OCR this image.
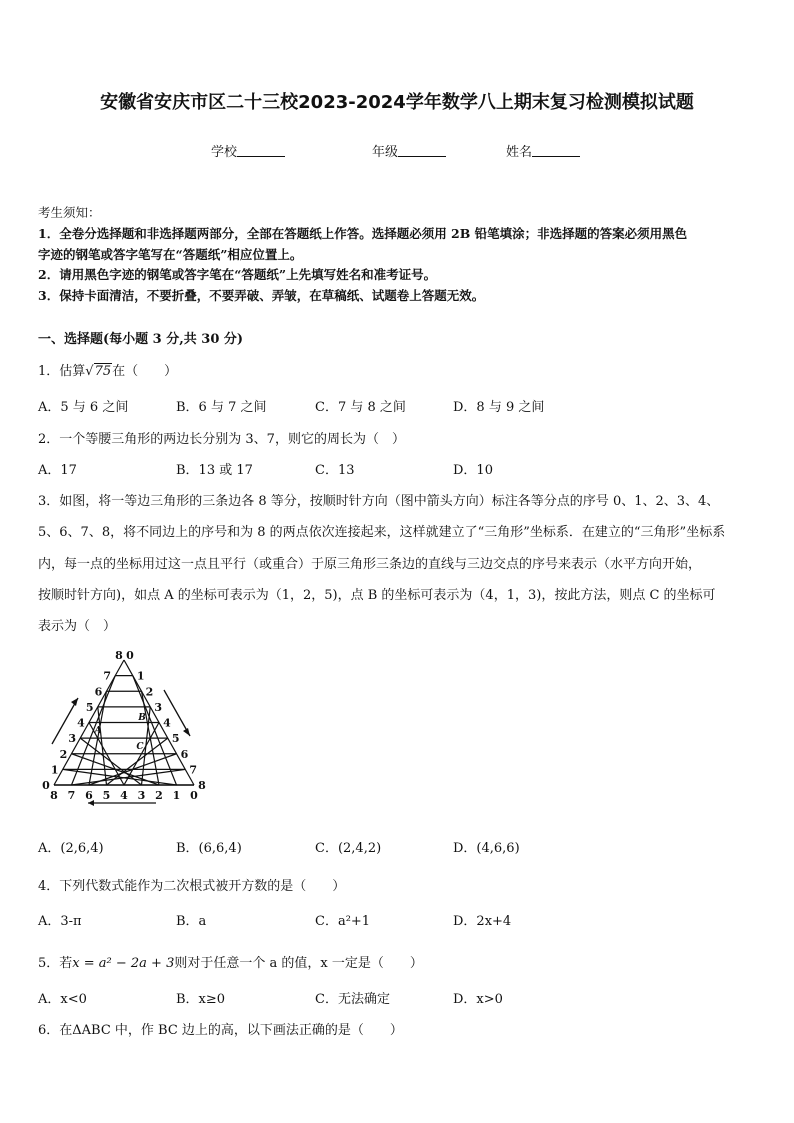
安徽省安庆市区二十三校2023-2024学年数学八上期末复习检测模拟试题
学校	年级	姓名
考生须知：
1．全卷分选择题和非选择题两部分，全部在答题纸上作答。选择题必须用 2B 铅笔填涂；非选择题的答案必须用黑色
字迹的钢笔或答字笔写在“答题纸”相应位置上。
2．请用黑色字迹的钢笔或答字笔在“答题纸”上先填写姓名和准考证号。
3．保持卡面清洁，不要折叠，不要弄破、弄皱，在草稿纸、试题卷上答题无效。
一、选择题(每小题 3 分,共 30 分)
1．估算√75在（　　）
A．5 与 6 之间	B．6 与 7 之间	C．7 与 8 之间	D．8 与 9 之间
2．一个等腰三角形的两边长分别为 3、7，则它的周长为（　）
A．17	B．13 或 17	C．13	D．10
3．如图，将一等边三角形的三条边各 8 等分，按顺时针方向（图中箭头方向）标注各等分点的序号 0、1、2、3、4、
5、6、7、8，将不同边上的序号和为 8 的两点依次连接起来，这样就建立了“三角形”坐标系．在建立的“三角形”坐标系
内，每一点的坐标用过这一点且平行（或重合）于原三角形三条边的直线与三边交点的序号来表示（水平方向开始，
按顺时针方向)，如点 A 的坐标可表示为（1，2，5)，点 B 的坐标可表示为（4，1，3)，按此方法，则点 C 的坐标可
表示为（　）
8 0
7
6
5
4
3
2
1
0
1
2
3
4
5
6
7
8
8 7 6 5 4 3 2 1 0
A
B
C
A．(2,6,4)	B．(6,6,4)	C．(2,4,2)	D．(4,6,6)
4．下列代数式能作为二次根式被开方数的是（　　）
A．3-π	B．a	C．a²+1	D．2x+4
5．若x = a² − 2a + 3则对于任意一个 a 的值，x 一定是（　　）
A．x<0	B．x≥0	C．无法确定	D．x>0
6．在ΔABC 中，作 BC 边上的高，以下画法正确的是（　　）
